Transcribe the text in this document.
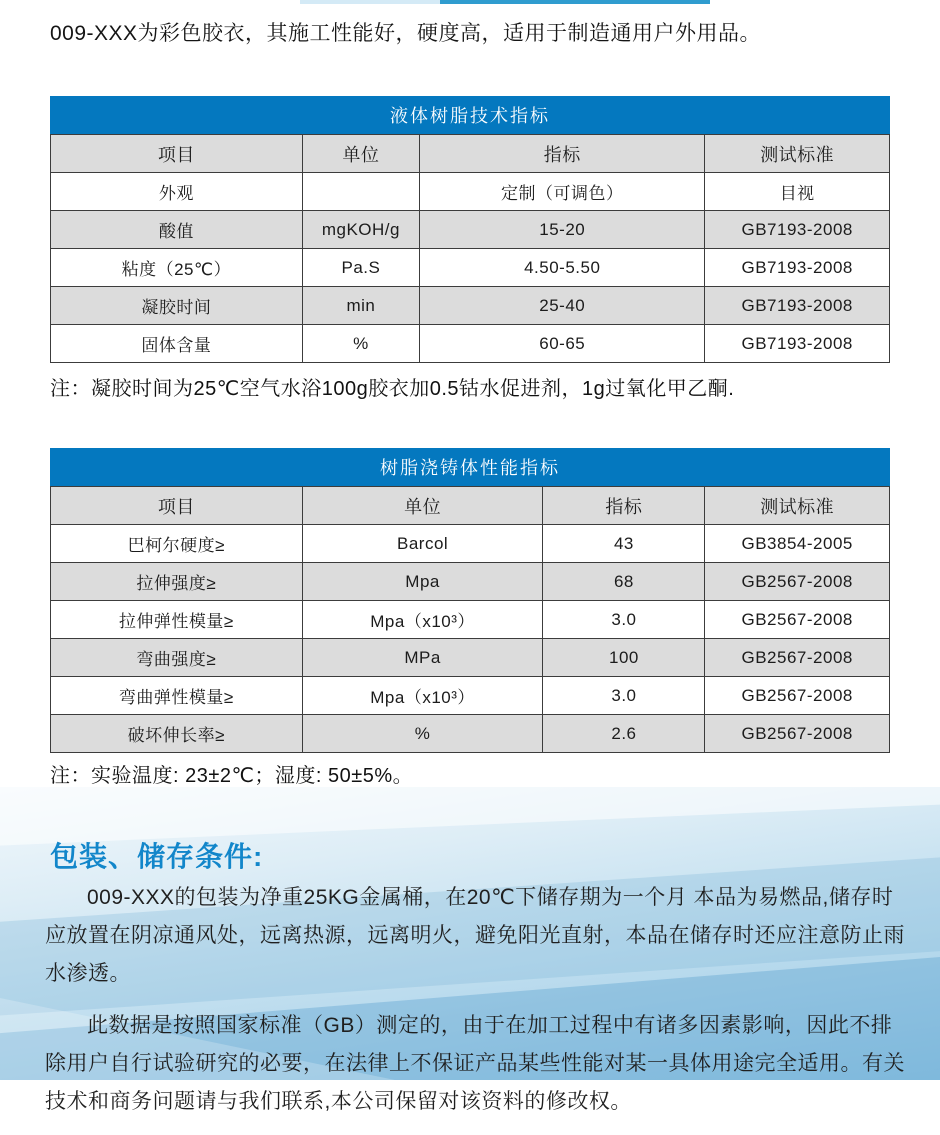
009-XXX为彩色胶衣，其施工性能好，硬度高，适用于制造通用户外用品。
液体树脂技术指标
项目	单位	指标	测试标准
外观		定制（可调色）	目视
酸值	mgKOH/g	15-20	GB7193-2008
粘度（25℃）	Pa.S	4.50-5.50	GB7193-2008
凝胶时间	min	25-40	GB7193-2008
固体含量	%	60-65	GB7193-2008
注：凝胶时间为25℃空气水浴100g胶衣加0.5钴水促进剂，1g过氧化甲乙酮.
树脂浇铸体性能指标
项目	单位	指标	测试标准
巴柯尔硬度≥	Barcol	43	GB3854-2005
拉伸强度≥	Mpa	68	GB2567-2008
拉伸弹性模量≥	Mpa（x10³）	3.0	GB2567-2008
弯曲强度≥	MPa	100	GB2567-2008
弯曲弹性模量≥	Mpa（x10³）	3.0	GB2567-2008
破坏伸长率≥	%	2.6	GB2567-2008
注：实验温度: 23±2℃；湿度: 50±5%。
包装、储存条件:

009-XXX的包装为净重25KG金属桶，在20℃下储存期为一个月 本品为易燃品,储存时应放置在阴凉通风处，远离热源，远离明火，避免阳光直射，本品在储存时还应注意防止雨水渗透。

此数据是按照国家标准（GB）测定的，由于在加工过程中有诸多因素影响，因此不排除用户自行试验研究的必要，在法律上不保证产品某些性能对某一具体用途完全适用。有关技术和商务问题请与我们联系,本公司保留对该资料的修改权。
